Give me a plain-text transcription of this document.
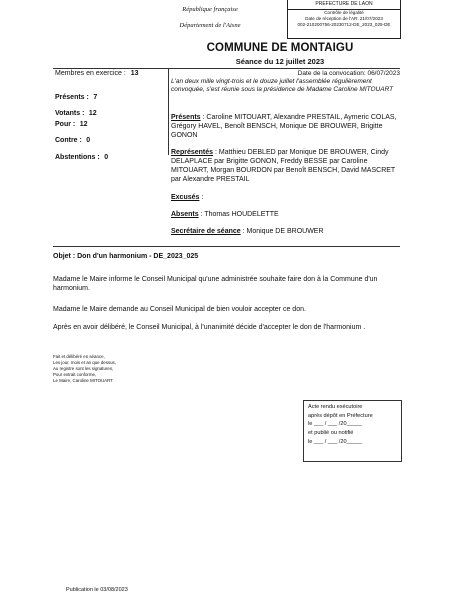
PREFECTURE DE LAON
Contrôle de légalité
Date de réception de l'AR: 21/07/2023
002-210200756-20230712-DE_2023_025-DE
République française
Département de l'Aisne
COMMUNE DE MONTAIGU
Séance du 12 juillet 2023
Membres en exercice : 13
Présents : 7
Votants : 12
Pour : 12
Contre : 0
Abstentions : 0
Date de la convocation: 06/07/2023
L'an deux mille vingt-trois et le douze juillet l'assemblée régulièrement convoquée, s'est réunie sous la présidence de Madame Caroline MITOUART
Présents : Caroline MITOUART, Alexandre PRESTAIL, Aymeric COLAS, Grégory HAVEL, Benoît BENSCH, Monique DE BROUWER, Brigitte GONON
Représentés : Matthieu DEBLED par Monique DE BROUWER, Cindy DELAPLACE par Brigitte GONON, Freddy BESSE par Caroline MITOUART, Morgan BOURDON par Benoît BENSCH, David MASCRET par Alexandre PRESTAIL
Excusés :
Absents : Thomas HOUDELETTE
Secrétaire de séance : Monique DE BROUWER
Objet : Don d'un harmonium - DE_2023_025
Madame le Maire informe le Conseil Municipal qu'une administrée souhaite faire don à la Commune d'un harmonium.
Madame le Maire demande au Conseil Municipal de bien vouloir accepter ce don.
Après en avoir délibéré, le Conseil Municipal, à l'unanimité décide d'accepter le don de l'harmonium .
Fait et délibéré en séance,
Les jour, mois et an que dessus,
Au registre sont les signatures,
Pour extrait conforme,
Le Maire, Caroline MITOUART
Acte rendu exécutoire
après dépôt en Préfecture
le ___ / ___ /20_____
et publié ou notifié
le ___ / ___ /20_____
Publication le 03/08/2023
